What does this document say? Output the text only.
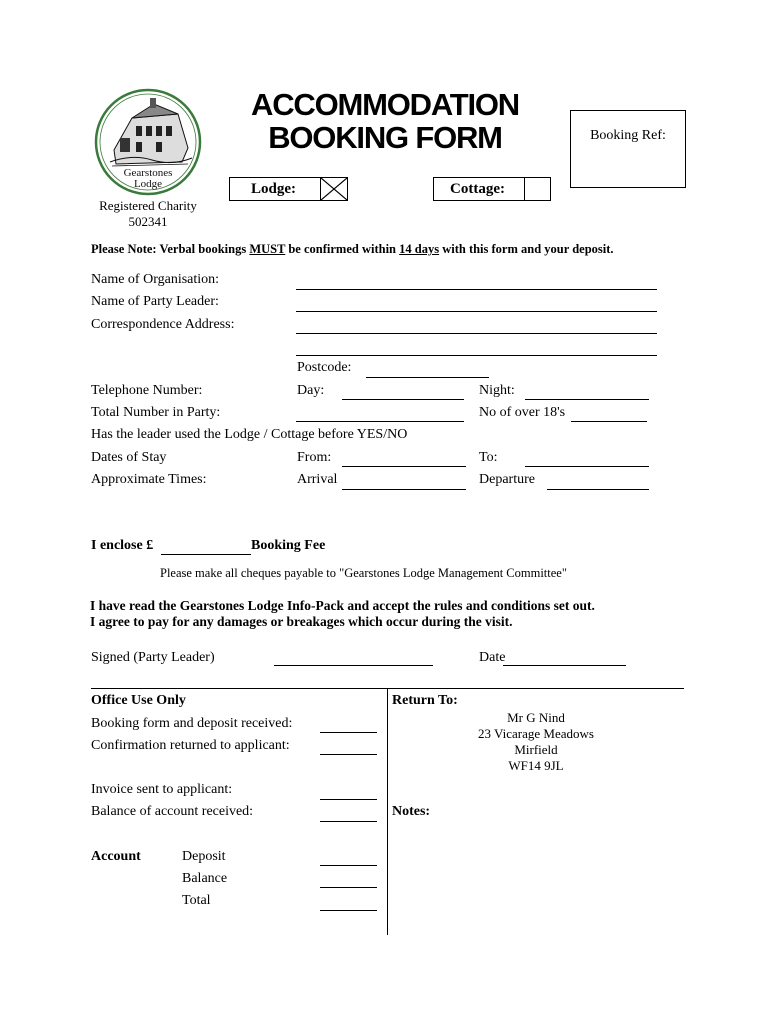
Gearstones
Lodge
Registered Charity
502341
ACCOMMODATION
BOOKING FORM	Booking Ref:
Lodge:	Cottage:
Please Note: Verbal bookings MUST be confirmed within 14 days with this form and your deposit.
Name of Organisation:
Name of Party Leader:
Correspondence Address:
Postcode:
Telephone Number:	Day:	Night:
Total Number in Party:	No of over 18's
Has the leader used the Lodge / Cottage before YES/NO
Dates of Stay	From:	To:
Approximate Times:	Arrival	Departure
I enclose £	Booking Fee
Please make all cheques payable to "Gearstones Lodge Management Committee"
I have read the Gearstones Lodge Info-Pack and accept the rules and conditions set out.
I agree to pay for any damages or breakages which occur during the visit.
Signed (Party Leader)	Date
Office Use Only
Booking form and deposit received:
Confirmation returned to applicant:
Invoice sent to applicant:
Balance of account received:
Account	Deposit
Balance
Total
Return To:
Mr G Nind
23 Vicarage Meadows
Mirfield
WF14 9JL
Notes:
